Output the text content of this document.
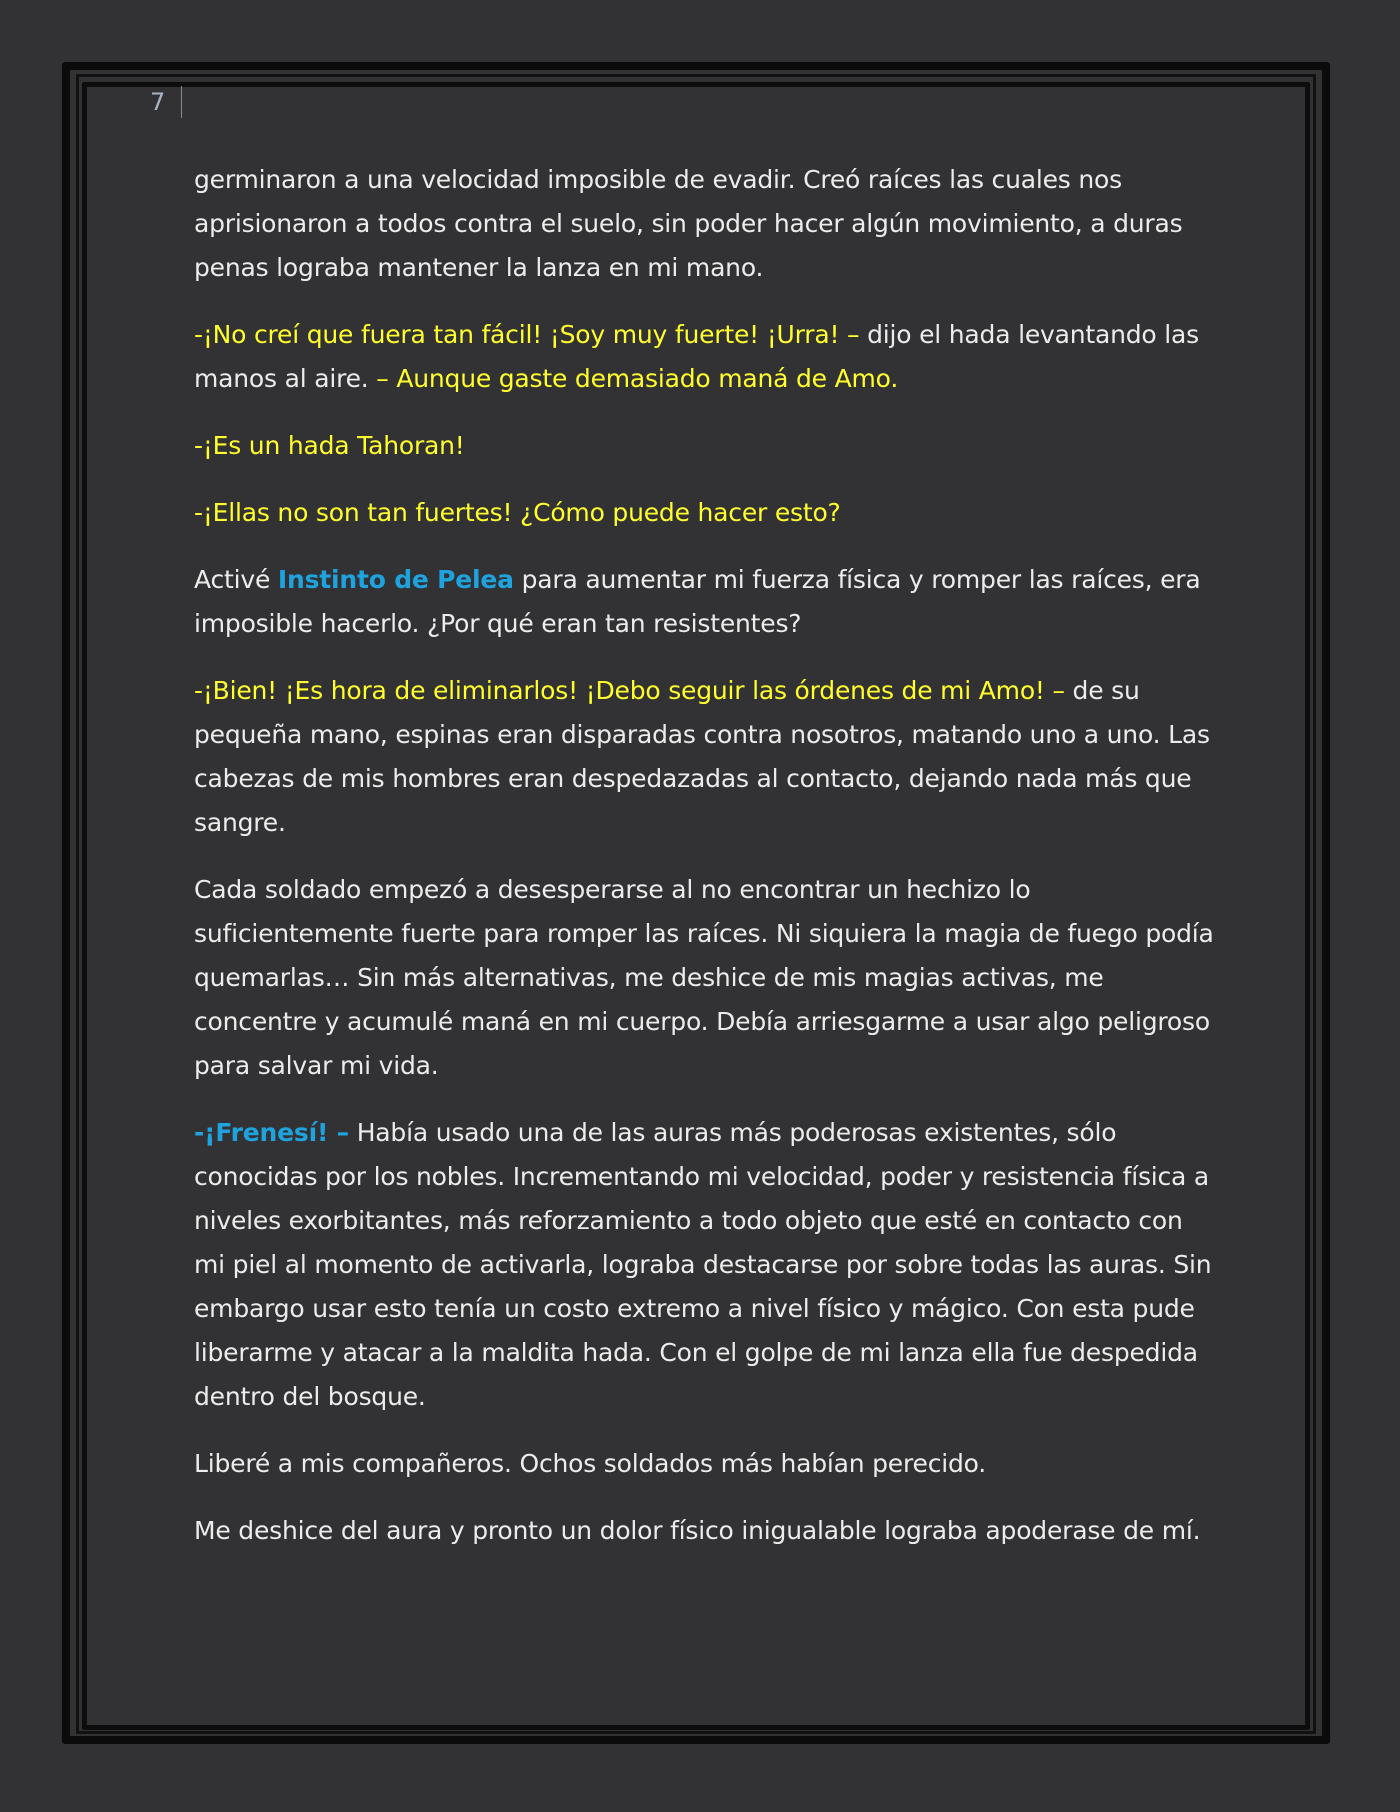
7

germinaron a una velocidad imposible de evadir. Creó raíces las cuales nos aprisionaron a todos contra el suelo, sin poder hacer algún movimiento, a duras penas lograba mantener la lanza en mi mano.

-¡No creí que fuera tan fácil! ¡Soy muy fuerte! ¡Urra! – dijo el hada levantando las manos al aire. – Aunque gaste demasiado maná de Amo.

-¡Es un hada Tahoran!

-¡Ellas no son tan fuertes! ¿Cómo puede hacer esto?

Activé Instinto de Pelea para aumentar mi fuerza física y romper las raíces, era imposible hacerlo. ¿Por qué eran tan resistentes?

-¡Bien! ¡Es hora de eliminarlos! ¡Debo seguir las órdenes de mi Amo! – de su pequeña mano, espinas eran disparadas contra nosotros, matando uno a uno. Las cabezas de mis hombres eran despedazadas al contacto, dejando nada más que sangre.

Cada soldado empezó a desesperarse al no encontrar un hechizo lo suficientemente fuerte para romper las raíces. Ni siquiera la magia de fuego podía quemarlas… Sin más alternativas, me deshice de mis magias activas, me concentre y acumulé maná en mi cuerpo. Debía arriesgarme a usar algo peligroso para salvar mi vida.

-¡Frenesí! – Había usado una de las auras más poderosas existentes, sólo conocidas por los nobles. Incrementando mi velocidad, poder y resistencia física a niveles exorbitantes, más reforzamiento a todo objeto que esté en contacto con mi piel al momento de activarla, lograba destacarse por sobre todas las auras. Sin embargo usar esto tenía un costo extremo a nivel físico y mágico. Con esta pude liberarme y atacar a la maldita hada. Con el golpe de mi lanza ella fue despedida dentro del bosque.

Liberé a mis compañeros. Ochos soldados más habían perecido.

Me deshice del aura y pronto un dolor físico inigualable lograba apoderase de mí.
